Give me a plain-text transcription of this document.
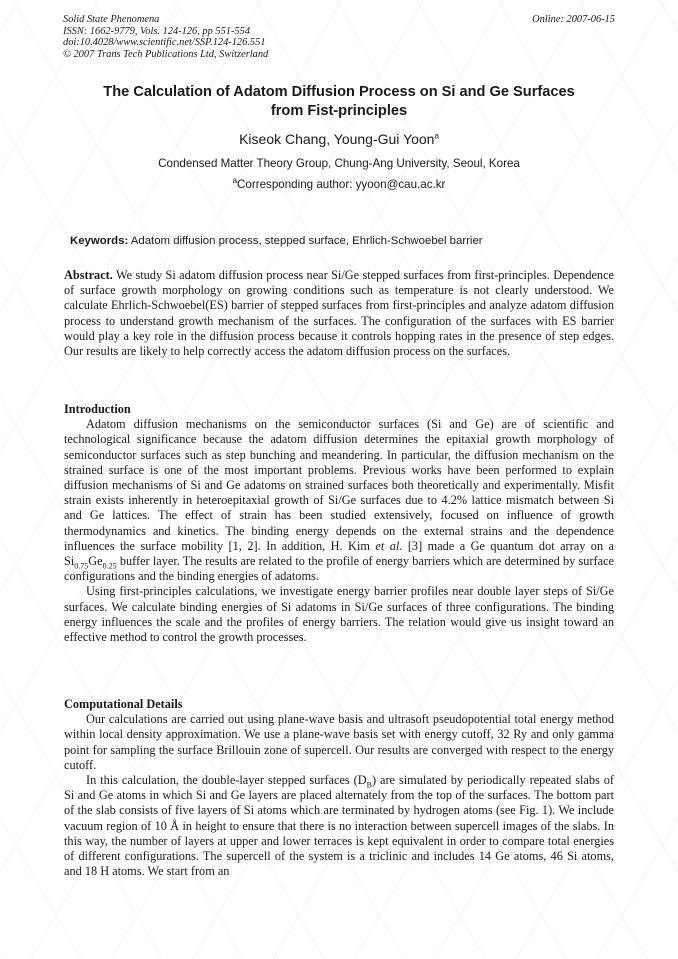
Solid State Phenomena
ISSN: 1662-9779, Vols. 124-126, pp 551-554
doi:10.4028/www.scientific.net/SSP.124-126.551
© 2007 Trans Tech Publications Ltd, Switzerland
Online: 2007-06-15
The Calculation of Adatom Diffusion Process on Si and Ge Surfaces
from Fist-principles
Kiseok Chang, Young-Gui Yoon$^a$
Condensed Matter Theory Group, Chung-Ang University, Seoul, Korea
$^a$Corresponding author: yyoon@cau.ac.kr
Keywords: Adatom diffusion process, stepped surface, Ehrlich-Schwoebel barrier

Abstract. We study Si adatom diffusion process near Si/Ge stepped surfaces from first-principles. Dependence of surface growth morphology on growing conditions such as temperature is not clearly understood. We calculate Ehrlich-Schwoebel(ES) barrier of stepped surfaces from first-principles and analyze adatom diffusion process to understand growth mechanism of the surfaces. The configuration of the surfaces with ES barrier would play a key role in the diffusion process because it controls hopping rates in the presence of step edges. Our results are likely to help correctly access the adatom diffusion process on the surfaces.

Introduction

Adatom diffusion mechanisms on the semiconductor surfaces (Si and Ge) are of scientific and technological significance because the adatom diffusion determines the epitaxial growth morphology of semiconductor surfaces such as step bunching and meandering. In particular, the diffusion mechanism on the strained surface is one of the most important problems. Previous works have been performed to explain diffusion mechanisms of Si and Ge adatoms on strained surfaces both theoretically and experimentally. Misfit strain exists inherently in heteroepitaxial growth of Si/Ge surfaces due to 4.2% lattice mismatch between Si and Ge lattices. The effect of strain has been studied extensively, focused on influence of growth thermodynamics and kinetics. The binding energy depends on the external strains and the dependence influences the surface mobility [1, 2]. In addition, H. Kim et al. [3] made a Ge quantum dot array on a $Si_{0.75}Ge_{0.25}$ buffer layer. The results are related to the profile of energy barriers which are determined by surface configurations and the binding energies of adatoms.

Using first-principles calculations, we investigate energy barrier profiles near double layer steps of Si/Ge surfaces. We calculate binding energies of Si adatoms in Si/Ge surfaces of three configurations. The binding energy influences the scale and the profiles of energy barriers. The relation would give us insight toward an effective method to control the growth processes.

Computational Details

Our calculations are carried out using plane-wave basis and ultrasoft pseudopotential total energy method within local density approximation. We use a plane-wave basis set with energy cutoff, 32 Ry and only gamma point for sampling the surface Brillouin zone of supercell. Our results are converged with respect to the energy cutoff.

In this calculation, the double-layer stepped surfaces $(D_B)$ are simulated by periodically repeated slabs of Si and Ge atoms in which Si and Ge layers are placed alternately from the top of the surfaces. The bottom part of the slab consists of five layers of Si atoms which are terminated by hydrogen atoms (see Fig. 1). We include vacuum region of 10 Å in height to ensure that there is no interaction between supercell images of the slabs. In this way, the number of layers at upper and lower terraces is kept equivalent in order to compare total energies of different configurations. The supercell of the system is a triclinic and includes 14 Ge atoms, 46 Si atoms, and 18 H atoms. We start from an
